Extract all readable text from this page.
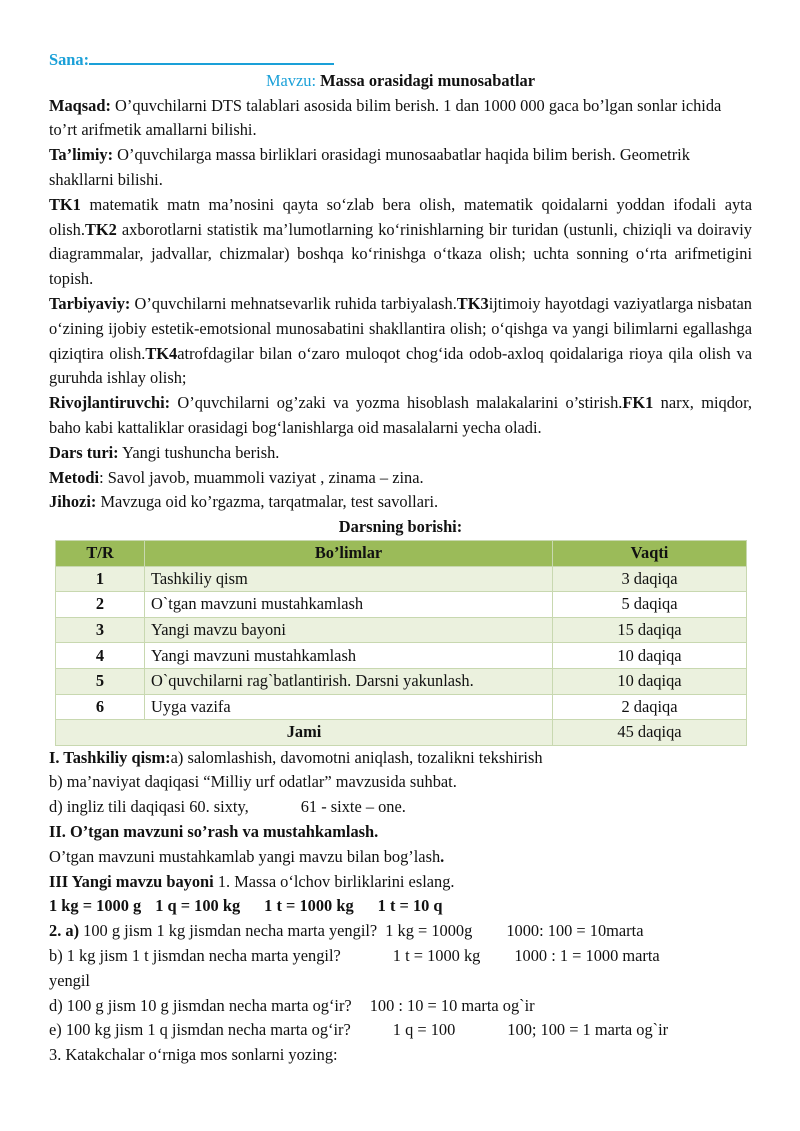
Sana:

Mavzu: Massa orasidagi munosabatlar

Maqsad: O’quvchilarni DTS talablari asosida bilim berish. 1 dan 1000 000 gaca bo’lgan sonlar ichida to’rt arifmetik amallarni bilishi.

Ta’limiy: O’quvchilarga massa birliklari orasidagi munosaabatlar haqida bilim berish. Geometrik shakllarni bilishi.

TK1 matematik matn ma’nosini qayta so‘zlab bera olish, matematik qoidalarni yoddan ifodali ayta olish.TK2 axborotlarni statistik ma’lumotlarning ko‘rinishlarning bir turidan (ustunli, chiziqli va doiraviy diagrammalar, jadvallar, chizmalar) boshqa ko‘rinishga o‘tkaza olish; uchta sonning o‘rta arifmetigini topish.

Tarbiyaviy: O’quvchilarni mehnatsevarlik ruhida tarbiyalash.TK3ijtimoiy hayotdagi vaziyatlarga nisbatan o‘zining ijobiy estetik-emotsional munosabatini shakllantira olish; o‘qishga va yangi bilimlarni egallashga qiziqtira olish.TK4atrofdagilar bilan o‘zaro muloqot chog‘ida odob-axloq qoidalariga rioya qila olish va guruhda ishlay olish;

Rivojlantiruvchi: O’quvchilarni og’zaki va yozma hisoblash malakalarini o’stirish.FK1 narx, miqdor, baho kabi kattaliklar orasidagi bog‘lanishlarga oid masalalarni yecha oladi.

Dars turi: Yangi tushuncha berish.

Metodi: Savol javob, muammoli vaziyat , zinama – zina.

Jihozi: Mavzuga oid ko’rgazma, tarqatmalar, test savollari.

Darsning borishi:

T/R	Bo’limlar	Vaqti
1	Tashkiliy qism	3 daqiqa
2	O`tgan mavzuni mustahkamlash	5 daqiqa
3	Yangi mavzu bayoni	15 daqiqa
4	Yangi mavzuni mustahkamlash	10 daqiqa
5	O`quvchilarni rag`batlantirish. Darsni yakunlash.	10 daqiqa
6	Uyga vazifa	2 daqiqa
Jami		45 daqiqa

I. Tashkiliy qism:a) salomlashish, davomotni aniqlash, tozalikni tekshirish

b) ma’naviyat daqiqasi “Milliy urf odatlar” mavzusida suhbat.

d) ingliz tili daqiqasi 60. sixty,	61 - sixte – one.

II. O’tgan mavzuni so’rash va mustahkamlash.

O’tgan mavzuni mustahkamlab yangi mavzu bilan bog’lash.

III Yangi mavzu bayoni 1. Massa o‘lchov birliklarini eslang.

1 kg = 1000 g 1 q = 100 kg 1 t = 1000 kg 1 t = 10 q

2. a) 100 g jism 1 kg jismdan necha marta yengil? 1 kg = 1000g 1000: 100 = 10marta

b) 1 kg jism 1 t jismdan necha marta yengil?	1 t = 1000 kg 1000 : 1 = 1000 marta

yengil

d) 100 g jism 10 g jismdan necha marta og‘ir? 100 : 10 = 10 marta og`ir

e) 100 kg jism 1 q jismdan necha marta og‘ir?	1 q = 100	100; 100 = 1 marta og`ir

3. Katakchalar o‘rniga mos sonlarni yozing:
